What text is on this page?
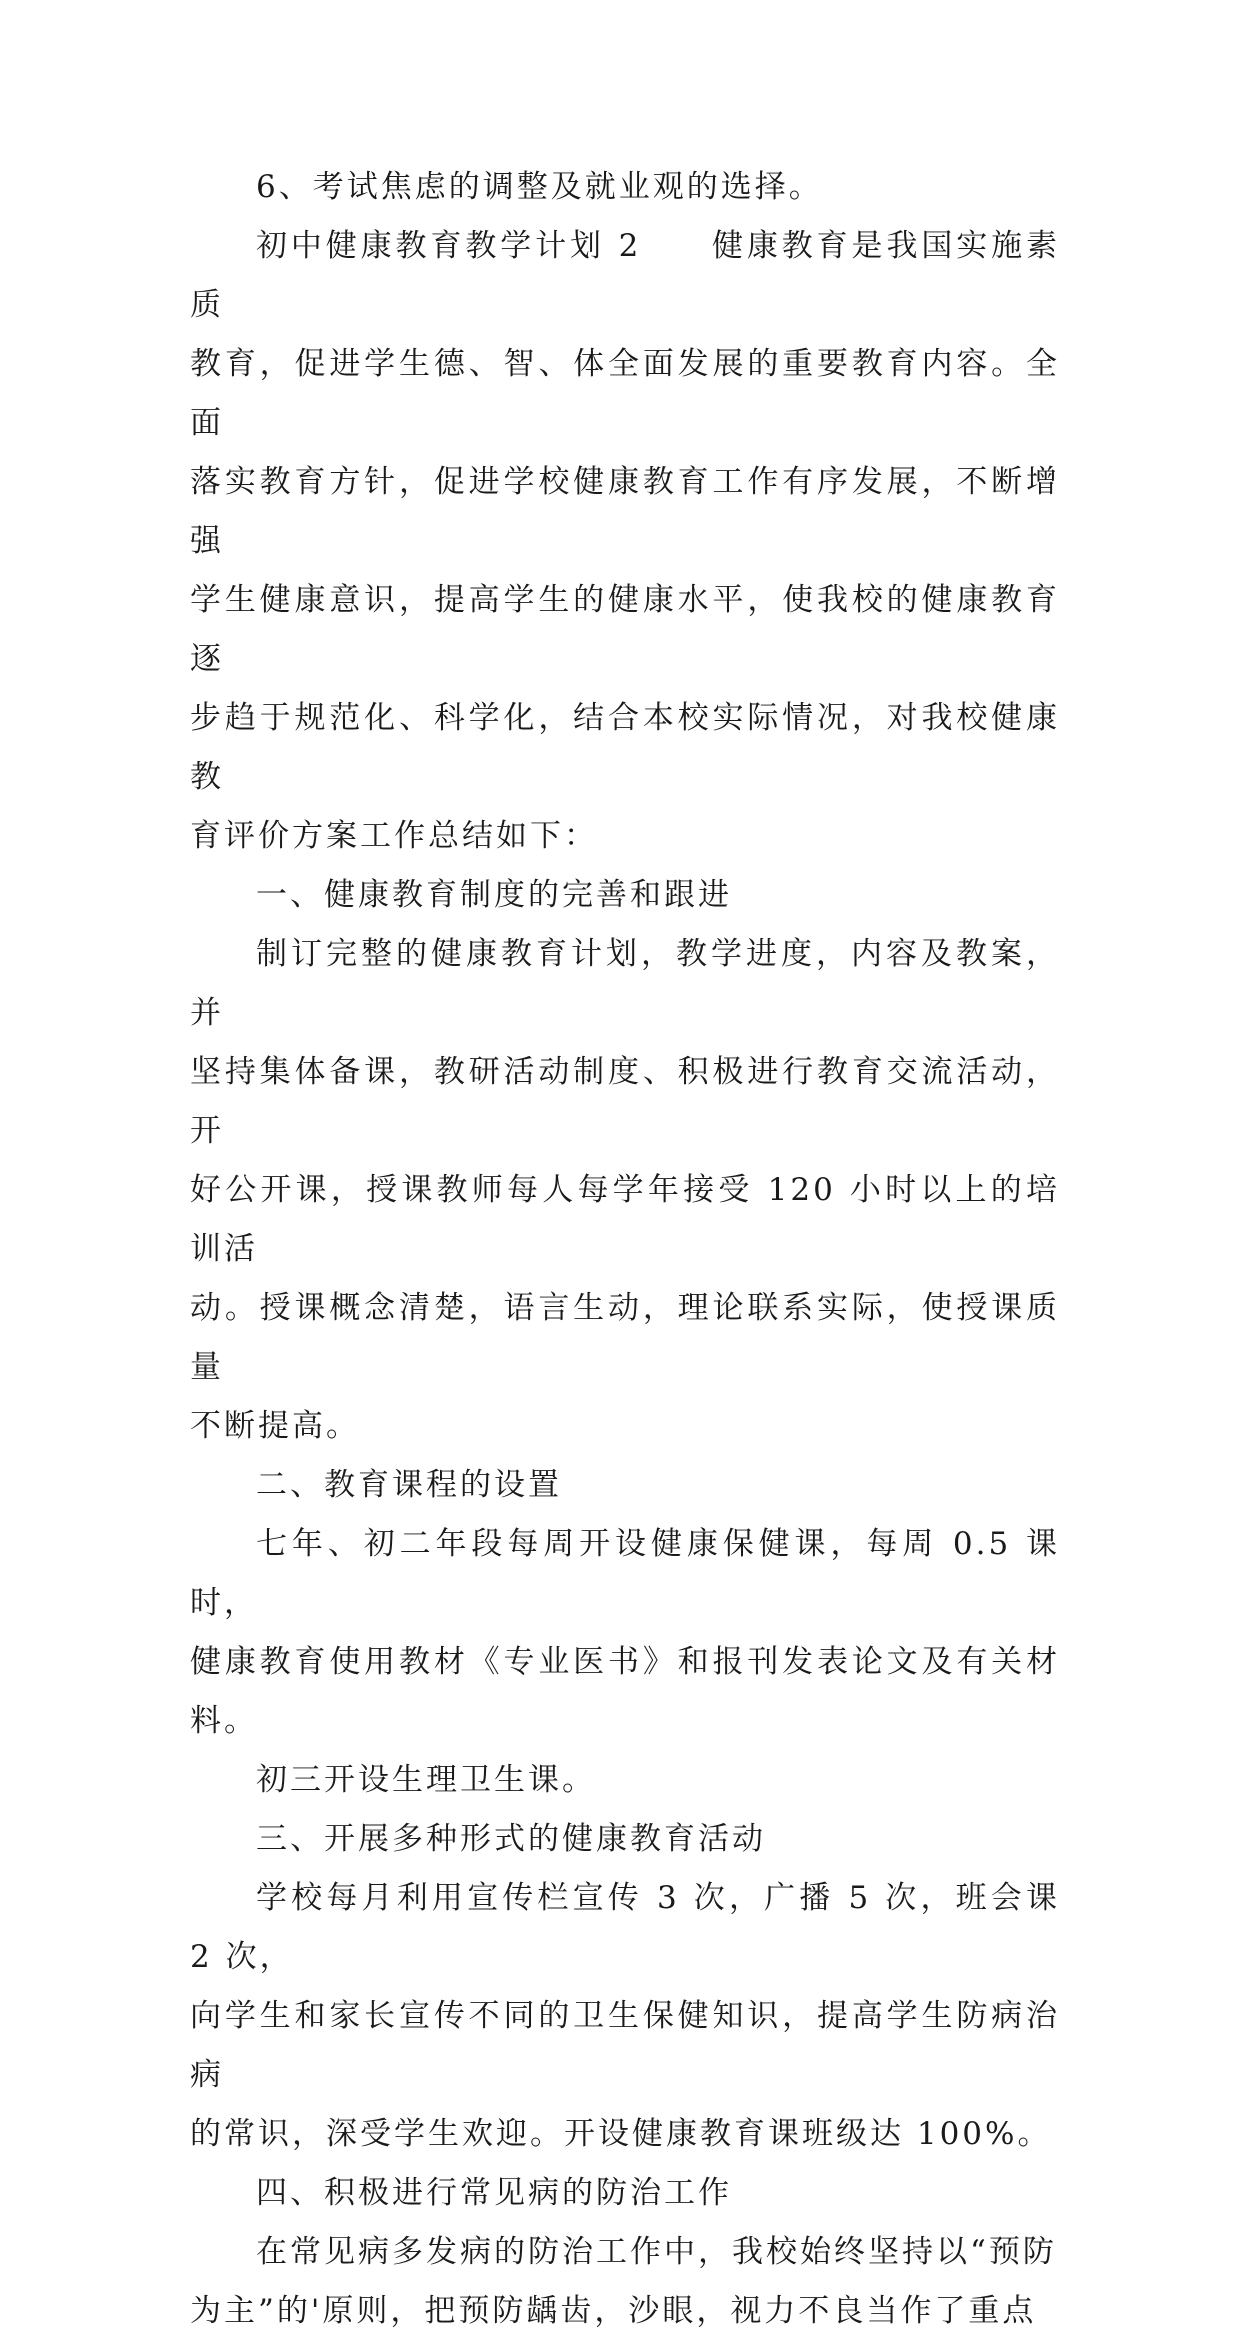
6、考试焦虑的调整及就业观的选择。

初中健康教育教学计划 2　　健康教育是我国实施素质
教育，促进学生德、智、体全面发展的重要教育内容。全面
落实教育方针，促进学校健康教育工作有序发展，不断增强
学生健康意识，提高学生的健康水平，使我校的健康教育逐
步趋于规范化、科学化，结合本校实际情况，对我校健康教
育评价方案工作总结如下：

一、健康教育制度的完善和跟进

制订完整的健康教育计划，教学进度，内容及教案，并
坚持集体备课，教研活动制度、积极进行教育交流活动，开
好公开课，授课教师每人每学年接受 120 小时以上的培训活
动。授课概念清楚，语言生动，理论联系实际，使授课质量
不断提高。

二、教育课程的设置

七年、初二年段每周开设健康保健课，每周 0.5 课时，
健康教育使用教材《专业医书》和报刊发表论文及有关材料。

初三开设生理卫生课。

三、开展多种形式的健康教育活动

学校每月利用宣传栏宣传 3 次，广播 5 次，班会课 2 次，
向学生和家长宣传不同的卫生保健知识，提高学生防病治病
的常识，深受学生欢迎。开设健康教育课班级达 100%。

四、积极进行常见病的防治工作

在常见病多发病的防治工作中，我校始终坚持以“预防
为主”的'原则，把预防龋齿，沙眼，视力不良当作了重点
